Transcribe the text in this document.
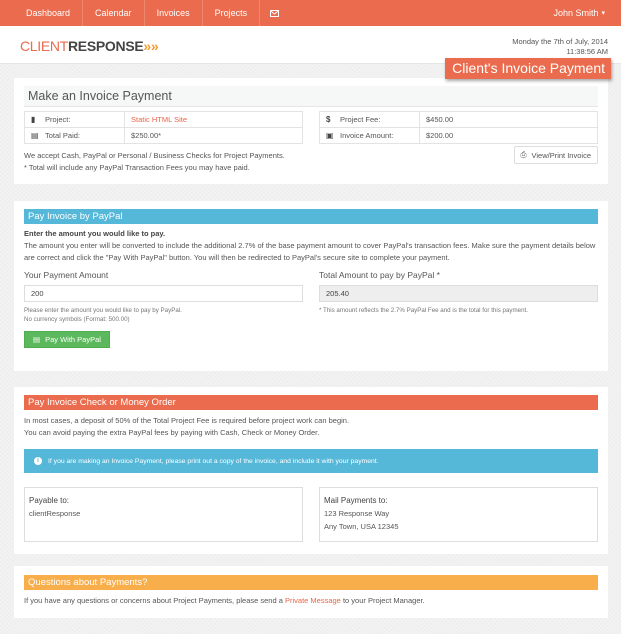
Dashboard	Calendar	Invoices	Projects	John Smith ▾
CLIENTRESPONSE»»	Monday the 7th of July, 2014
11:38:56 AM
Client's Invoice Payment
Make an Invoice Payment
▮ Project:	Static HTML Site
▤ Total Paid:	$250.00*
$ Project Fee:	$450.00
▣ Invoice Amount:	$200.00
We accept Cash, PayPal or Personal / Business Checks for Project Payments.
* Total will include any PayPal Transaction Fees you may have paid.
⎙ View/Print Invoice
Pay Invoice by PayPal
Enter the amount you would like to pay.
The amount you enter will be converted to include the additional 2.7% of the base payment amount to cover PayPal's transaction fees. Make sure the payment details below are correct and click the "Pay With PayPal" button. You will then be redirected to PayPal's secure site to complete your payment.
Your Payment Amount
200
Please enter the amount you would like to pay by PayPal.
No currency symbols (Format: 500.00)
▤ Pay With PayPal
Total Amount to pay by PayPal *
205.40
* This amount reflects the 2.7% PayPal Fee and is the total for this payment.
Pay Invoice Check or Money Order
In most cases, a deposit of 50% of the Total Project Fee is required before project work can begin.
You can avoid paying the extra PayPal fees by paying with Cash, Check or Money Order.
i	If you are making an Invoice Payment, please print out a copy of the invoice, and include it with your payment.
Payable to:
clientResponse
Mail Payments to:
123 Response Way
Any Town, USA 12345
Questions about Payments?
If you have any questions or concerns about Project Payments, please send a Private Message to your Project Manager.
